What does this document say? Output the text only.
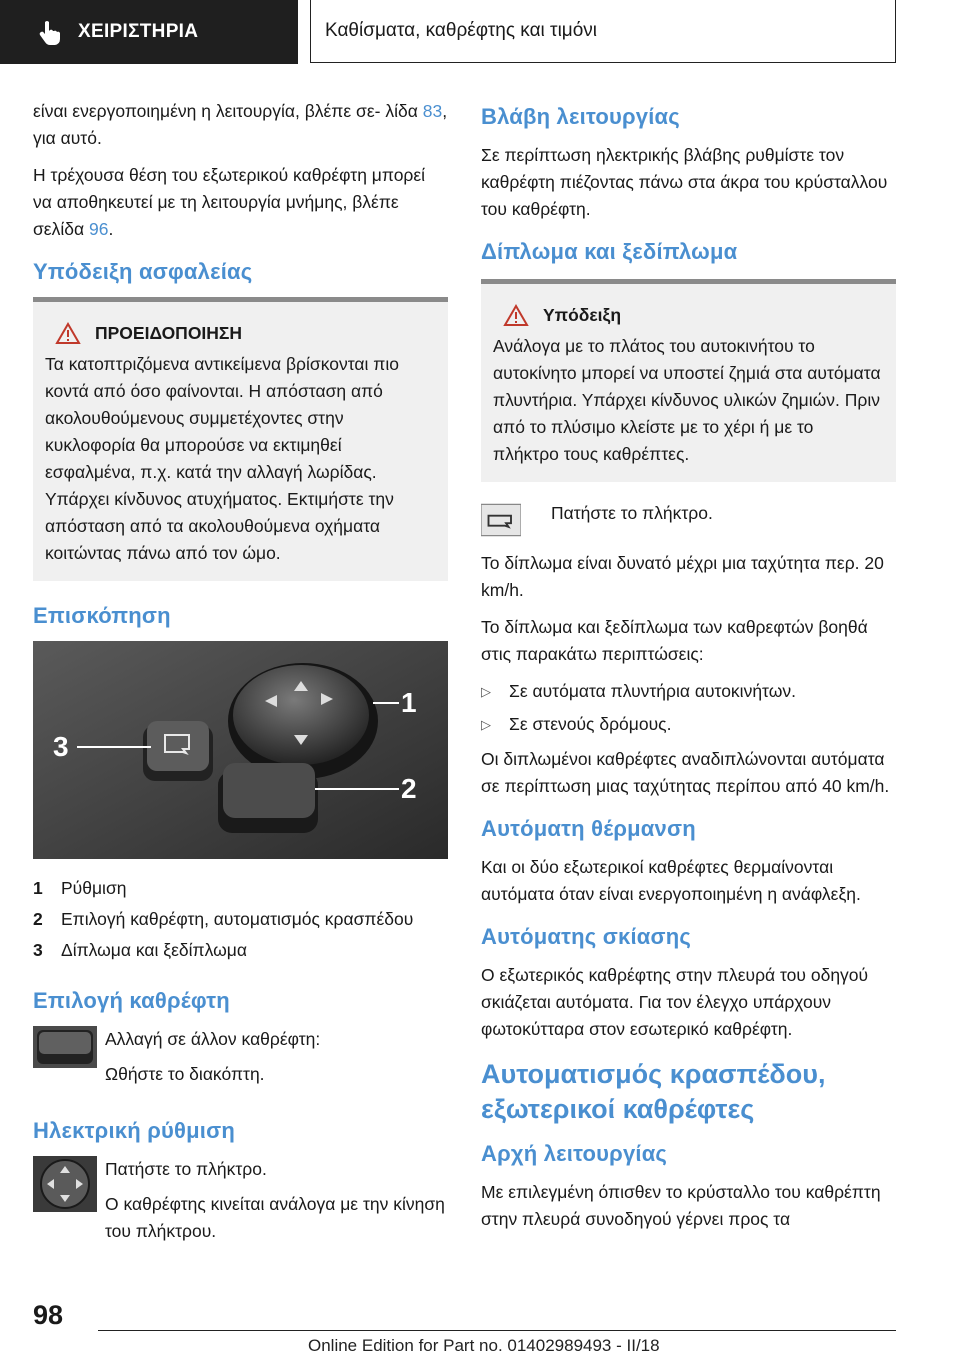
ΧΕΙΡΙΣΤΗΡΙΑ	Καθίσματα, καθρέφτης και τιμόνι

είναι ενεργοποιημένη η λειτουργία, βλέπε σε- λίδα 83, για αυτό.

Η τρέχουσα θέση του εξωτερικού καθρέφτη μπορεί να αποθηκευτεί με τη λειτουργία μνήμης, βλέπε σελίδα 96.

Υπόδειξη ασφαλείας
ΠΡΟΕΙΔΟΠΟΙΗΣΗ

Τα κατοπτριζόμενα αντικείμενα βρίσκονται πιο κοντά από όσο φαίνονται. Η απόσταση από ακολουθούμενους συμμετέχοντες στην κυκλοφορία θα μπορούσε να εκτιμηθεί εσφαλμένα, π.χ. κατά την αλλαγή λωρίδας. Υπάρχει κίνδυνος ατυχήματος. Εκτιμήστε την απόσταση από τα ακολουθούμενα οχήματα κοιτώντας πάνω από τον ώμο.

Επισκόπηση
1
2
3
1	Ρύθμιση
2	Επιλογή καθρέφτη, αυτοματισμός κρασπέδου
3	Δίπλωμα και ξεδίπλωμα
Επιλογή καθρέφτη

Αλλαγή σε άλλον καθρέφτη:

Ωθήστε το διακόπτη.

Ηλεκτρική ρύθμιση

Πατήστε το πλήκτρο.

Ο καθρέφτης κινείται ανάλογα με την κίνηση του πλήκτρου.

Βλάβη λειτουργίας

Σε περίπτωση ηλεκτρικής βλάβης ρυθμίστε τον καθρέφτη πιέζοντας πάνω στα άκρα του κρύσταλλου του καθρέφτη.

Δίπλωμα και ξεδίπλωμα
Υπόδειξη

Ανάλογα με το πλάτος του αυτοκινήτου το αυτοκίνητο μπορεί να υποστεί ζημιά στα αυτόματα πλυντήρια. Υπάρχει κίνδυνος υλικών ζημιών. Πριν από το πλύσιμο κλείστε με το χέρι ή με το πλήκτρο τους καθρέπτες.

Πατήστε το πλήκτρο.

Το δίπλωμα είναι δυνατό μέχρι μια ταχύτητα περ. 20 km/h.

Το δίπλωμα και ξεδίπλωμα των καθρεφτών βοηθά στις παρακάτω περιπτώσεις:

▷	Σε αυτόματα πλυντήρια αυτοκινήτων.
▷	Σε στενούς δρόμους.

Οι διπλωμένοι καθρέφτες αναδιπλώνονται αυτόματα σε περίπτωση μιας ταχύτητας περίπου από 40 km/h.

Αυτόματη θέρμανση

Και οι δύο εξωτερικοί καθρέφτες θερμαίνονται αυτόματα όταν είναι ενεργοποιημένη η ανάφλεξη.

Αυτόματης σκίασης

Ο εξωτερικός καθρέφτης στην πλευρά του οδηγού σκιάζεται αυτόματα. Για τον έλεγχο υπάρχουν φωτοκύτταρα στον εσωτερικό καθρέφτη.

Αυτοματισμός κρασπέδου, εξωτερικοί καθρέφτες
Αρχή λειτουργίας

Με επιλεγμένη όπισθεν το κρύσταλλο του καθρέπτη στην πλευρά συνοδηγού γέρνει προς τα

98
Online Edition for Part no. 01402989493 - II/18
